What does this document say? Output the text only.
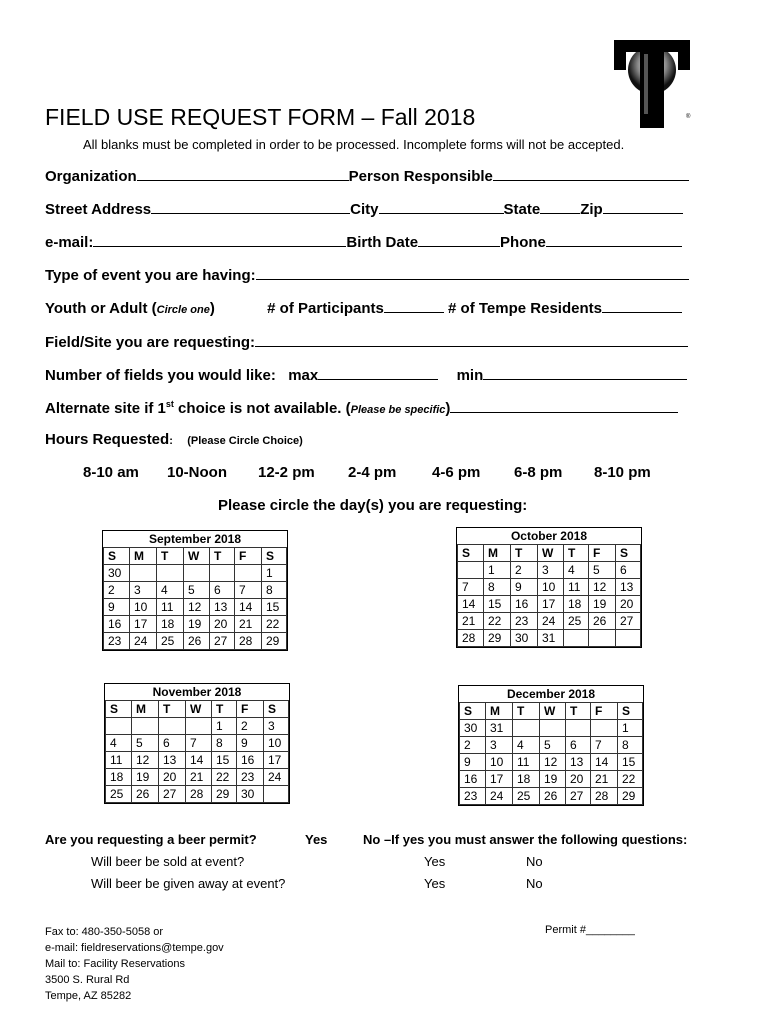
®
FIELD USE REQUEST FORM – Fall 2018
All blanks must be completed in order to be processed. Incomplete forms will not be accepted.
Organization	Person Responsible
Street Address	City	State	Zip
e-mail:	Birth Date	Phone
Type of event you are having:
Youth or Adult (Circle one)	# of Participants	# of Tempe Residents
Field/Site you are requesting:
Number of fields you would like: max	min
Alternate site if 1st choice is not available. (Please be specific)
Hours Requested: (Please Circle Choice)
8-10 am 10-Noon 12-2 pm 2-4 pm 4-6 pm 6-8 pm 8-10 pm
Please circle the day(s) you are requesting:
September 2018
S	M	T	W	T	F	S
30						1
2	3	4	5	6	7	8
9	10	11	12	13	14	15
16	17	18	19	20	21	22
23	24	25	26	27	28	29
October 2018
S	M	T	W	T	F	S
	1	2	3	4	5	6
7	8	9	10	11	12	13
14	15	16	17	18	19	20
21	22	23	24	25	26	27
28	29	30	31			
November 2018
S	M	T	W	T	F	S
				1	2	3
4	5	6	7	8	9	10
11	12	13	14	15	16	17
18	19	20	21	22	23	24
25	26	27	28	29	30	
December 2018
S	M	T	W	T	F	S
30	31					1
2	3	4	5	6	7	8
9	10	11	12	13	14	15
16	17	18	19	20	21	22
23	24	25	26	27	28	29
Are you requesting a beer permit?	Yes	No –If yes you must answer the following questions:
Will beer be sold at event?	Yes	No
Will beer be given away at event?	Yes	No
Fax to: 480-350-5058 or
e-mail: fieldreservations@tempe.gov
Mail to: Facility Reservations
3500 S. Rural Rd
Tempe, AZ 85282
Permit #________
